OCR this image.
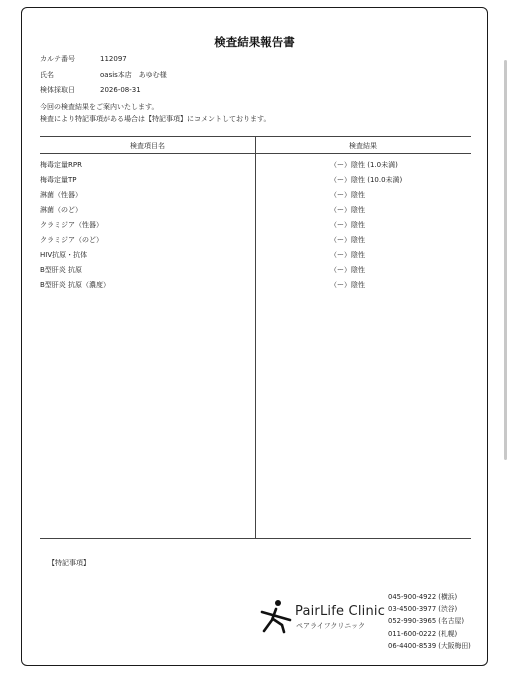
検査結果報告書
カルテ番号	112097
氏名	oasis本店　あゆむ様
検体採取日	2026-08-31
今回の検査結果をご案内いたします。
検査により特記事項がある場合は【特記事項】にコメントしております。
検査項目名	検査結果
梅毒定量RPR	（ー）陰性 (1.0未満)
梅毒定量TP	（ー）陰性 (10.0未満)
淋菌（性器）	（ー）陰性
淋菌（のど）	（ー）陰性
クラミジア（性器）	（ー）陰性
クラミジア（のど）	（ー）陰性
HIV抗原・抗体	（ー）陰性
B型肝炎 抗原	（ー）陰性
B型肝炎 抗原（濃度）	（ー）陰性
【特記事項】
PairLife Clinic
ペアライフクリニック
045-900-4922 (横浜)
03-4500-3977 (渋谷)
052-990-3965 (名古屋)
011-600-0222 (札幌)
06-4400-8539 (大阪梅田)
